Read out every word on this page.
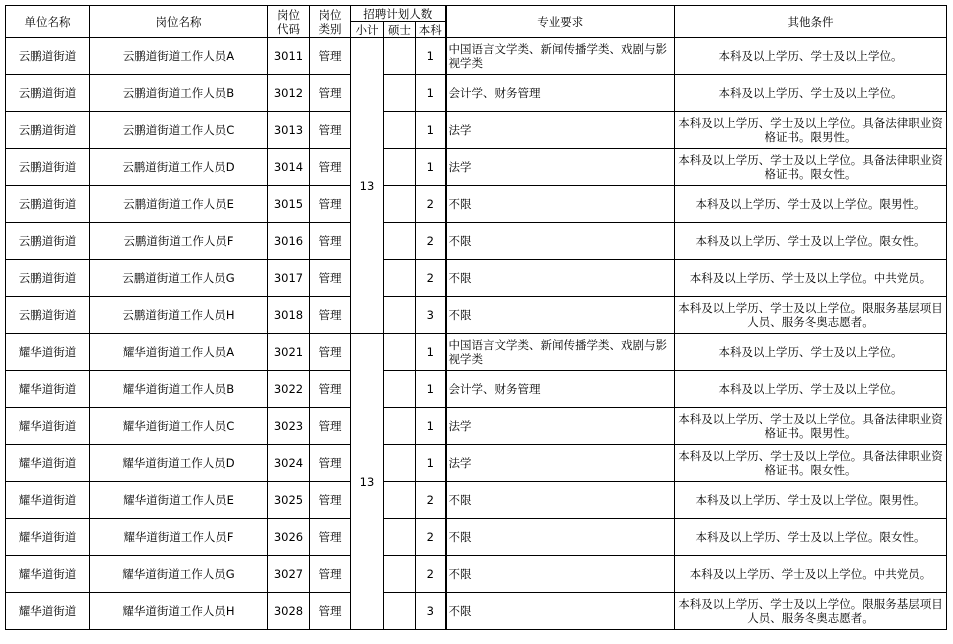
单位名称	岗位名称	岗位代码	岗位类别	招聘计划人数			专业要求	其他条件
				小计	硕士	本科		
云鹏道街道	云鹏道街道工作人员A	3011	管理	13		1	中国语言文学类、新闻传播学类、戏剧与影视学类	本科及以上学历、学士及以上学位。
云鹏道街道	云鹏道街道工作人员B	3012	管理			1	会计学、财务管理	本科及以上学历、学士及以上学位。
云鹏道街道	云鹏道街道工作人员C	3013	管理			1	法学	本科及以上学历、学士及以上学位。具备法律职业资格证书。限男性。
云鹏道街道	云鹏道街道工作人员D	3014	管理			1	法学	本科及以上学历、学士及以上学位。具备法律职业资格证书。限女性。
云鹏道街道	云鹏道街道工作人员E	3015	管理			2	不限	本科及以上学历、学士及以上学位。限男性。
云鹏道街道	云鹏道街道工作人员F	3016	管理			2	不限	本科及以上学历、学士及以上学位。限女性。
云鹏道街道	云鹏道街道工作人员G	3017	管理			2	不限	本科及以上学历、学士及以上学位。中共党员。
云鹏道街道	云鹏道街道工作人员H	3018	管理			3	不限	本科及以上学历、学士及以上学位。限服务基层项目人员、服务冬奥志愿者。
耀华道街道	耀华道街道工作人员A	3021	管理	13		1	中国语言文学类、新闻传播学类、戏剧与影视学类	本科及以上学历、学士及以上学位。
耀华道街道	耀华道街道工作人员B	3022	管理			1	会计学、财务管理	本科及以上学历、学士及以上学位。
耀华道街道	耀华道街道工作人员C	3023	管理			1	法学	本科及以上学历、学士及以上学位。具备法律职业资格证书。限男性。
耀华道街道	耀华道街道工作人员D	3024	管理			1	法学	本科及以上学历、学士及以上学位。具备法律职业资格证书。限女性。
耀华道街道	耀华道街道工作人员E	3025	管理			2	不限	本科及以上学历、学士及以上学位。限男性。
耀华道街道	耀华道街道工作人员F	3026	管理			2	不限	本科及以上学历、学士及以上学位。限女性。
耀华道街道	耀华道街道工作人员G	3027	管理			2	不限	本科及以上学历、学士及以上学位。中共党员。
耀华道街道	耀华道街道工作人员H	3028	管理			3	不限	本科及以上学历、学士及以上学位。限服务基层项目人员、服务冬奥志愿者。
